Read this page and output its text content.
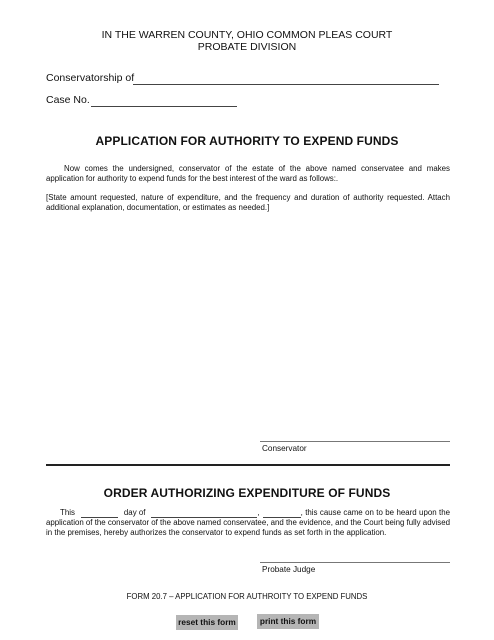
IN THE WARREN COUNTY, OHIO COMMON PLEAS COURT
PROBATE DIVISION
Conservatorship of
Case No.
APPLICATION FOR AUTHORITY TO EXPEND FUNDS
Now comes the undersigned, conservator of the estate of the above named conservatee and makes application for authority to expend funds for the best interest of the ward as follows:.
[State amount requested, nature of expenditure, and the frequency and duration of authority requested. Attach additional explanation, documentation, or estimates as needed.]
Conservator
ORDER AUTHORIZING EXPENDITURE OF FUNDS
This	day of	,	, this cause came on to be heard upon the
application of the conservator of the above named conservatee, and the evidence, and the Court being fully advised in the premises, hereby authorizes the conservator to expend funds as set forth in the application.
Probate Judge
FORM 20.7 – APPLICATION FOR AUTHROITY TO EXPEND FUNDS
reset this form	print this form
